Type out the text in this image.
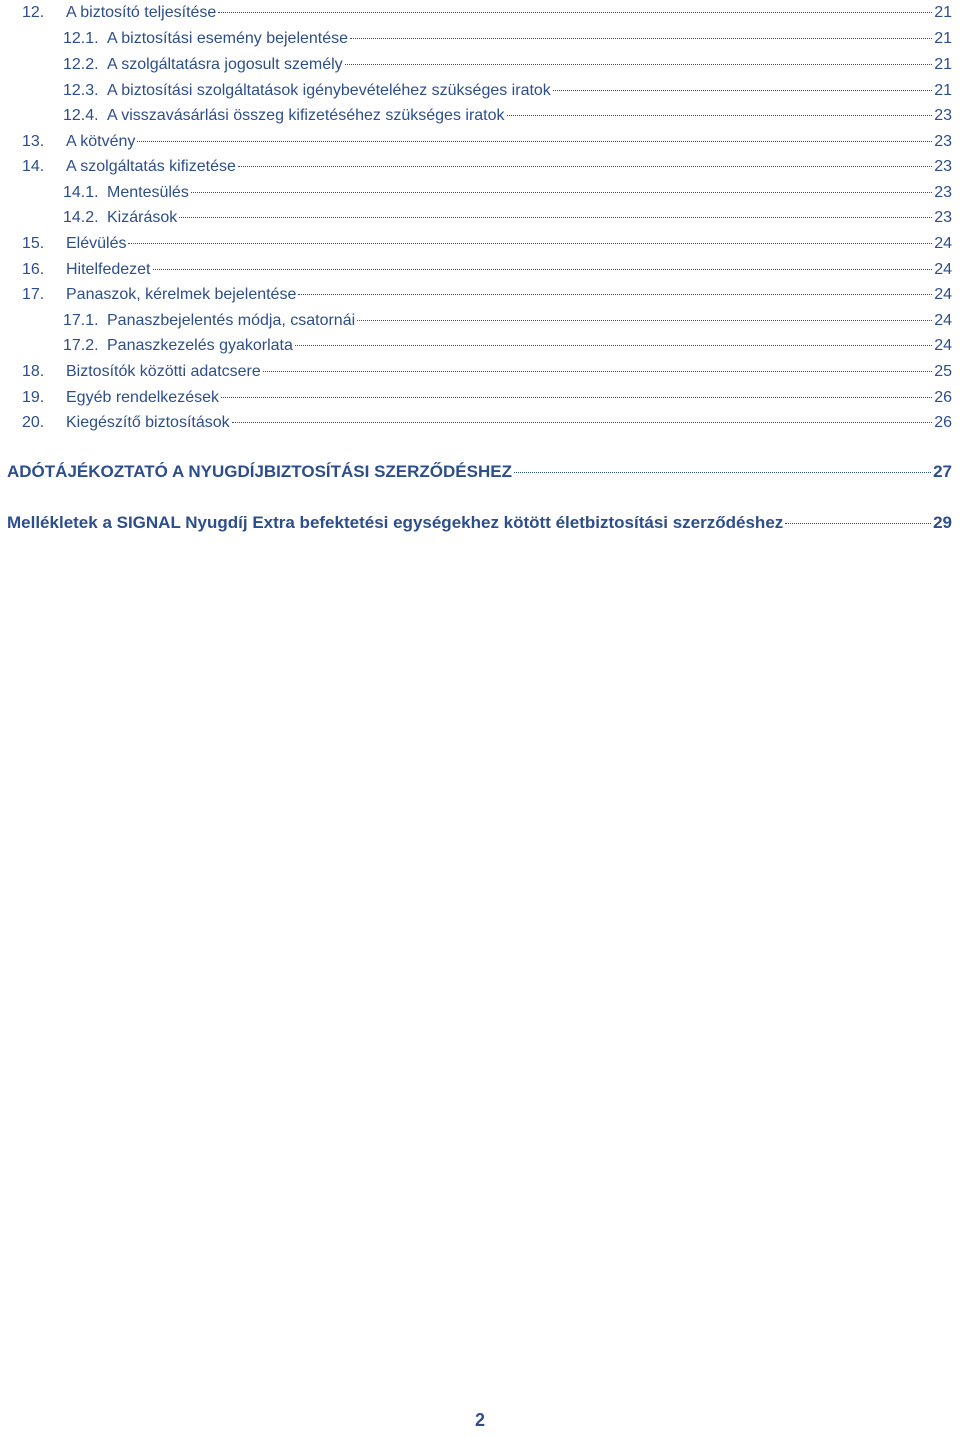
12.	A biztosító teljesítése	21
12.1. A biztosítási esemény bejelentése	21
12.2. A szolgáltatásra jogosult személy	21
12.3. A biztosítási szolgáltatások igénybevételéhez szükséges iratok	21
12.4. A visszavásárlási összeg kifizetéséhez szükséges iratok	23
13.	A kötvény	23
14.	A szolgáltatás kifizetése	23
14.1. Mentesülés	23
14.2. Kizárások	23
15.	Elévülés	24
16.	Hitelfedezet	24
17.	Panaszok, kérelmek bejelentése	24
17.1. Panaszbejelentés módja, csatornái	24
17.2. Panaszkezelés gyakorlata	24
18.	Biztosítók közötti adatcsere	25
19.	Egyéb rendelkezések	26
20.	Kiegészítő biztosítások	26
ADÓTÁJÉKOZTATÓ A NYUGDÍJBIZTOSÍTÁSI SZERZŐDÉSHEZ	27
Mellékletek a SIGNAL Nyugdíj Extra befektetési egységekhez kötött életbiztosítási szerződéshez	29
2
